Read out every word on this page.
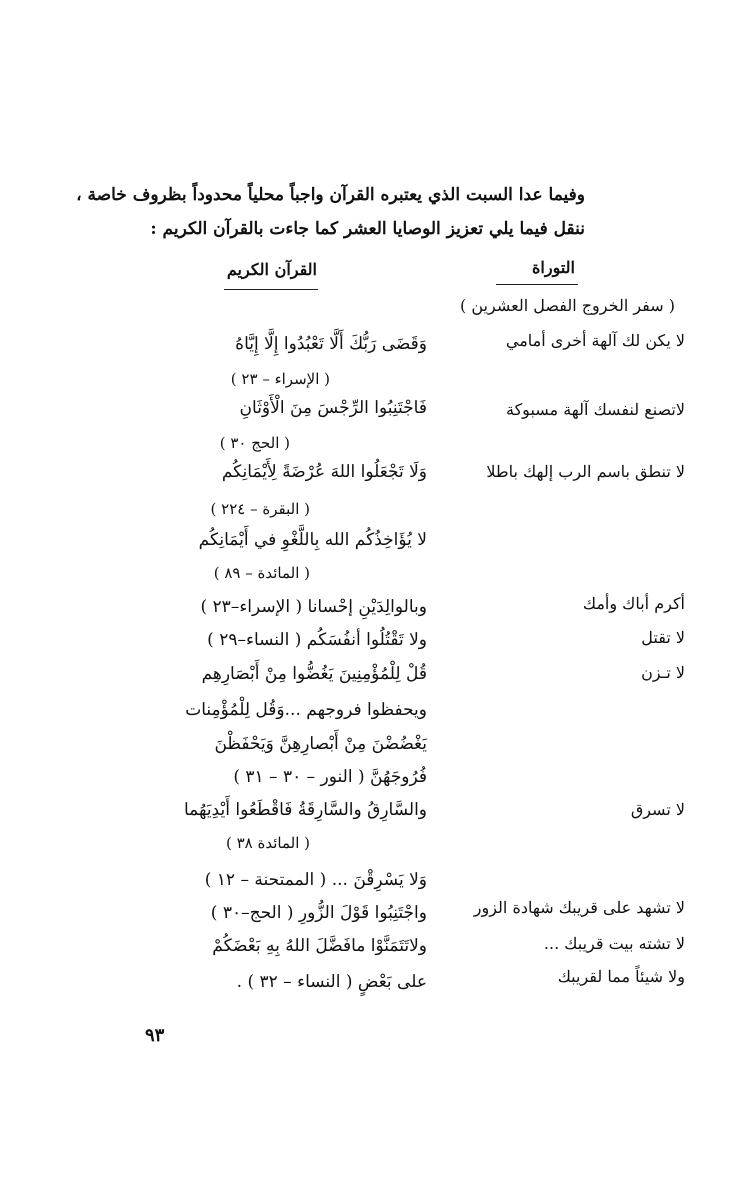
وفيما عدا السبت الذي يعتبره القرآن واجباً محلياً محدوداً بظروف خاصة ،
ننقل فيما يلي تعزيز الوصايا العشر كما جاءت بالقرآن الكريم :
التوراة
القرآن الكريم
( سفر الخروج الفصل العشرين )
لا يكن لك آلهة أخرى أمامي
لاتصنع لنفسك آلهة مسبوكة
لا تنطق باسم الرب إلهك باطلا
أكرم أباك وأمك
لا تقتل
لا تـزن
لا تسرق
لا تشهد على قريبك شهادة الزور
لا تشته بيت قريبك ...
ولا شيئاً مما لقريبك
وَقَضَى رَبُّكَ أَلَّا تَعْبُدُوا إِلَّا إِيَّاهُ
( الإسراء – ٢٣ )
فَاجْتَنِبُوا الرِّجْسَ مِنَ الْأَوْثَانِ
( الحج ٣٠ )
وَلَا تَجْعَلُوا اللهَ عُرْضَةً لِأَيْمَانِكُم
( البقرة – ٢٢٤ )
لا يُؤَاخِذُكُم الله بِاللَّغْوِ في أَيْمَانِكُم
( المائدة – ٨٩ )
وبالوالِدَيْنِ إحْسانا ( الإسراء–٢٣ )
ولا تَقْتُلُوا أنفُسَكُم ( النساء–٢٩ )
قُلْ لِلْمُؤْمِنِينَ يَغُضُّوا مِنْ أَبْصَارِهِم
ويحفظوا فروجهم ...وَقُل لِلْمُؤْمِنات
يَغْضُضْنَ مِنْ أَبْصارِهِنَّ وَيَحْفَظْنَ
فُرُوجَهُنَّ ( النور – ٣٠ – ٣١ )
والسَّارِقُ والسَّارِقَةُ فَاقْطَعُوا أَيْدِيَهُما
( المائدة ٣٨ )
وَلا يَسْرِقْنَ ... ( الممتحنة – ١٢ )
واجْتَنِبُوا قَوْلَ الزُّورِ ( الحج–٣٠ )
ولاتَتَمَنَّوْا مافَضَّلَ اللهُ بِهِ بَعْضَكُمْ
على بَعْضٍ ( النساء – ٣٢ ) .
٩٣
